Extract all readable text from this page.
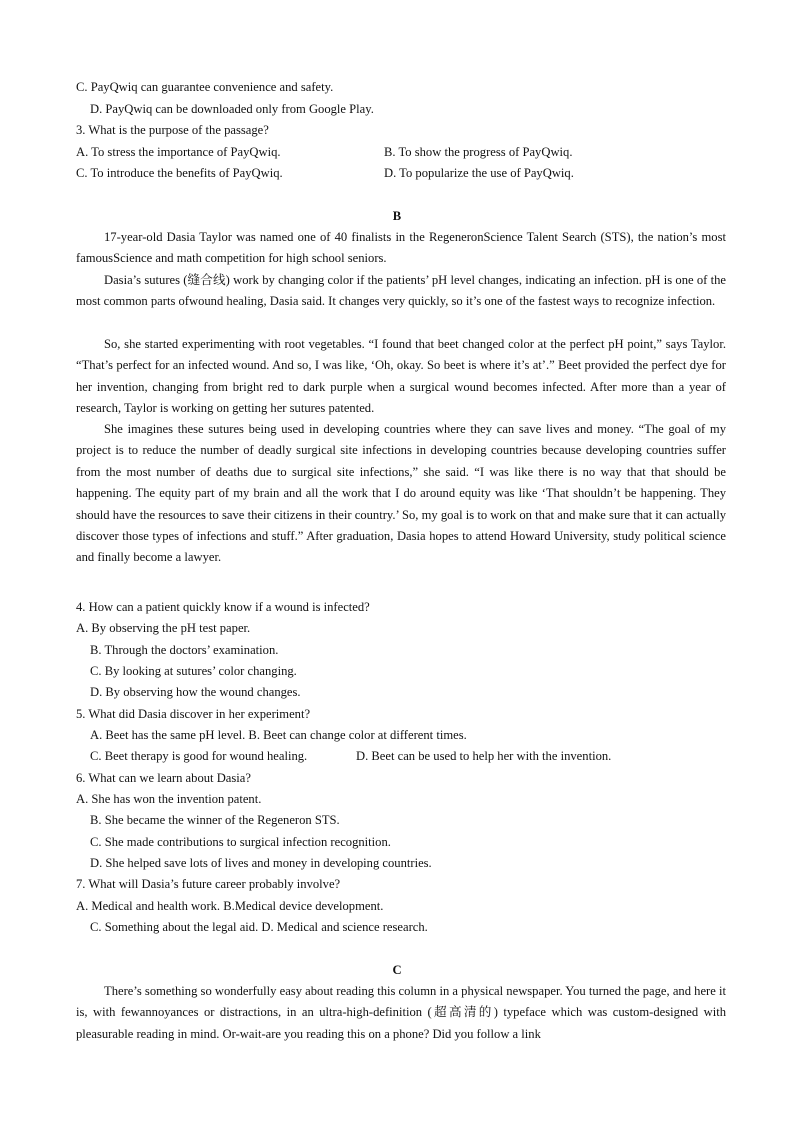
C. PayQwiq can guarantee convenience and safety.
D. PayQwiq can be downloaded only from Google Play.
3. What is the purpose of the passage?
A. To stress the importance of PayQwiq.	B. To show the progress of PayQwiq.
C. To introduce the benefits of PayQwiq.	D. To popularize the use of PayQwiq.
B
17-year-old Dasia Taylor was named one of 40 finalists in the RegeneronScience Talent Search (STS), the nation’s most famousScience and math competition for high school seniors.
Dasia’s sutures (缝合线) work by changing color if the patients’ pH level changes, indicating an infection. pH is one of the most common parts ofwound healing, Dasia said. It changes very quickly, so it’s one of the fastest ways to recognize infection.
So, she started experimenting with root vegetables. “I found that beet changed color at the perfect pH point,” says Taylor. “That’s perfect for an infected wound. And so, I was like, ‘Oh, okay. So beet is where it’s at’.” Beet provided the perfect dye for her invention, changing from bright red to dark purple when a surgical wound becomes infected. After more than a year of research, Taylor is working on getting her sutures patented.
She imagines these sutures being used in developing countries where they can save lives and money. “The goal of my project is to reduce the number of deadly surgical site infections in developing countries because developing countries suffer from the most number of deaths due to surgical site infections,” she said. “I was like there is no way that that should be happening. The equity part of my brain and all the work that I do around equity was like ‘That shouldn’t be happening. They should have the resources to save their citizens in their country.’ So, my goal is to work on that and make sure that it can actually discover those types of infections and stuff.” After graduation, Dasia hopes to attend Howard University, study political science and finally become a lawyer.
4. How can a patient quickly know if a wound is infected?
A. By observing the pH test paper.
B. Through the doctors’ examination.
C. By looking at sutures’ color changing.
D. By observing how the wound changes.
5. What did Dasia discover in her experiment?
A. Beet has the same pH level. B. Beet can change color at different times.
C. Beet therapy is good for wound healing.	D. Beet can be used to help her with the invention.
6. What can we learn about Dasia?
A. She has won the invention patent.
B. She became the winner of the Regeneron STS.
C. She made contributions to surgical infection recognition.
D. She helped save lots of lives and money in developing countries.
7. What will Dasia’s future career probably involve?
A. Medical and health work. B.Medical device development.
C. Something about the legal aid. D. Medical and science research.
C
There’s something so wonderfully easy about reading this column in a physical newspaper. You turned the page, and here it is, with fewannoyances or distractions, in an ultra-high-definition (超高清的) typeface which was custom-designed with pleasurable reading in mind. Or-wait-are you reading this on a phone? Did you follow a link
